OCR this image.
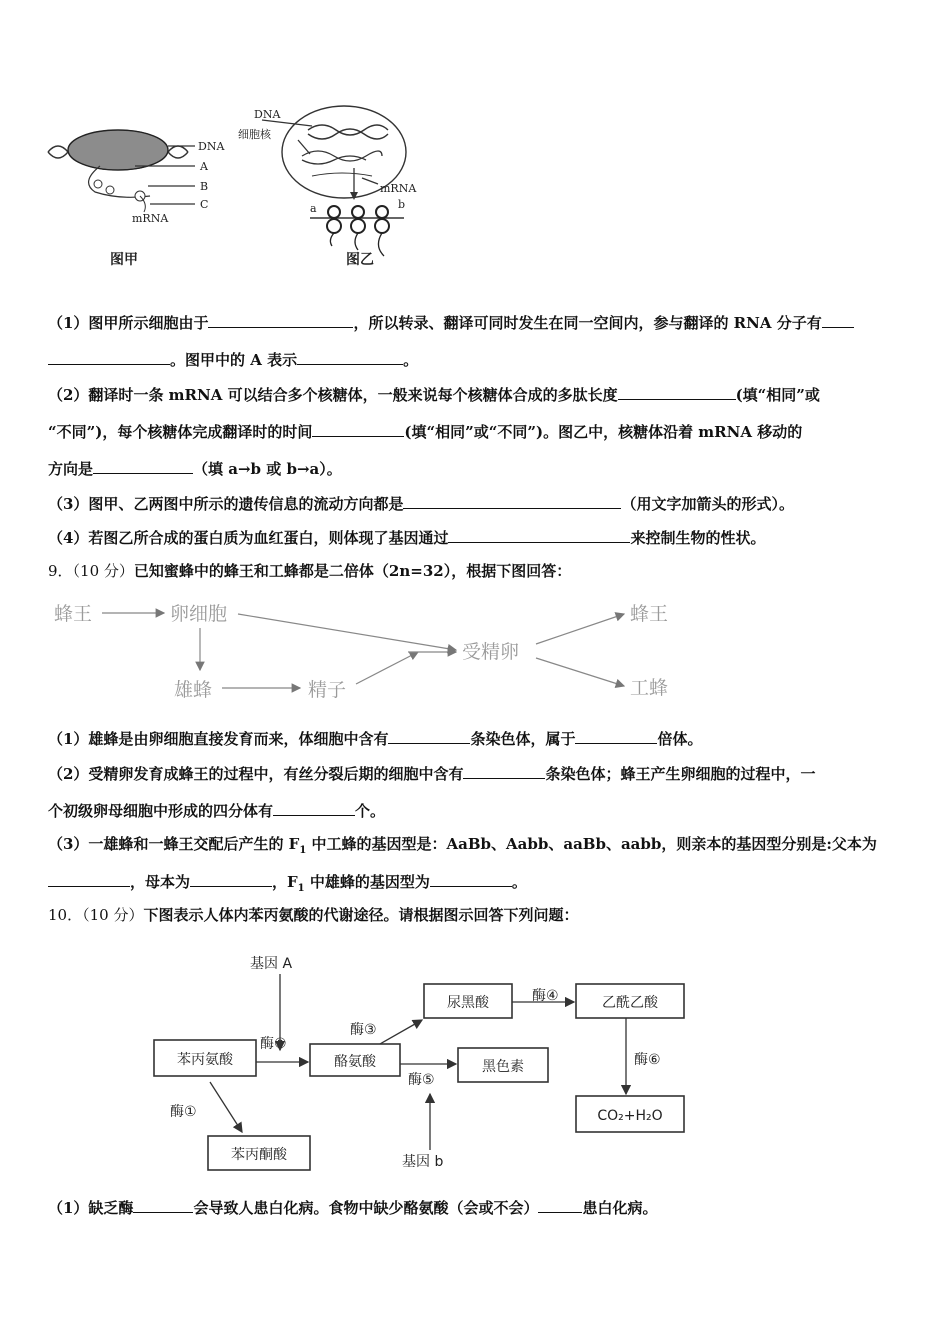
DNA
A
B
C
mRNA
图甲
DNA
细胞核
mRNA
a	b
图乙
（1）图甲所示细胞由于	，所以转录、翻译可同时发生在同一空间内，参与翻译的 RNA 分子有
。图甲中的 A 表示	。
（2）翻译时一条 mRNA 可以结合多个核糖体，一般来说每个核糖体合成的多肽长度	(填“相同”或
“不同”)，每个核糖体完成翻译时的时间	(填“相同”或“不同”)。图乙中，核糖体沿着 mRNA 移动的
方向是	（填 a→b 或 b→a）。
（3）图甲、乙两图中所示的遗传信息的流动方向都是	（用文字加箭头的形式）。
（4）若图乙所合成的蛋白质为血红蛋白，则体现了基因通过	来控制生物的性状。
9．（10 分）已知蜜蜂中的蜂王和工蜂都是二倍体（2n=32），根据下图回答：
蜂王	卵细胞
雄蜂	精子
受精卵
蜂王
工蜂
（1）雄蜂是由卵细胞直接发育而来，体细胞中含有	条染色体，属于	倍体。
（2）受精卵发育成蜂王的过程中，有丝分裂后期的细胞中含有	条染色体；蜂王产生卵细胞的过程中，一
个初级卵母细胞中形成的四分体有	个。
（3）一雄蜂和一蜂王交配后产生的 $F_1$ 中工蜂的基因型是：AaBb、Aabb、aaBb、aabb，则亲本的基因型分别是:父本为
，母本为	，$F_1$ 中雄蜂的基因型为	。
10．（10 分）下图表示人体内苯丙氨酸的代谢途径。请根据图示回答下列问题：
苯丙氨酸	酪氨酸
尿黑酸	乙酰乙酸
黑色素
CO₂+H₂O
苯丙酮酸
基因 A
基因 b
酶①
酶②
酶③
酶④
酶⑤
酶⑥
（1）缺乏酶	会导致人患白化病。食物中缺少酪氨酸（会或不会）	患白化病。
